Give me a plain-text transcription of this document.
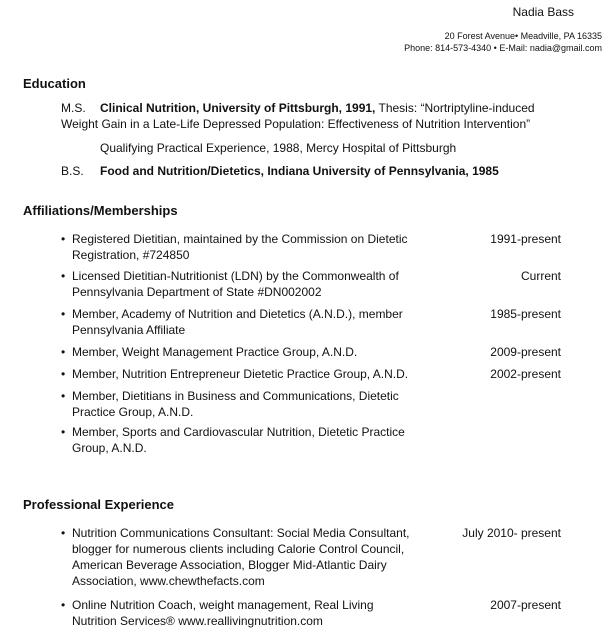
Nadia Bass
20 Forest Avenue• Meadville, PA 16335
Phone: 814-573-4340 • E-Mail: nadia@gmail.com
Education
M.S. Clinical Nutrition, University of Pittsburgh, 1991, Thesis: “Nortriptyline-induced
Weight Gain in a Late-Life Depressed Population: Effectiveness of Nutrition Intervention”
Qualifying Practical Experience, 1988, Mercy Hospital of Pittsburgh
B.S. Food and Nutrition/Dietetics, Indiana University of Pennsylvania, 1985
Affiliations/Memberships
• Registered Dietitian, maintained by the Commission on Dietetic Registration, #724850
1991-present
• Licensed Dietitian-Nutritionist (LDN) by the Commonwealth of Pennsylvania Department of State #DN002002
Current
• Member, Academy of Nutrition and Dietetics (A.N.D.), member Pennsylvania Affiliate
1985-present
• Member, Weight Management Practice Group, A.N.D.	2009-present
• Member, Nutrition Entrepreneur Dietetic Practice Group, A.N.D.	2002-present
• Member, Dietitians in Business and Communications, Dietetic Practice Group, A.N.D.
• Member, Sports and Cardiovascular Nutrition, Dietetic Practice Group, A.N.D.
Professional Experience
• Nutrition Communications Consultant: Social Media Consultant, blogger for numerous clients including Calorie Control Council, American Beverage Association, Blogger Mid-Atlantic Dairy Association, www.chewthefacts.com
July 2010- present
• Online Nutrition Coach, weight management, Real Living Nutrition Services® www.reallivingnutrition.com
2007-present
